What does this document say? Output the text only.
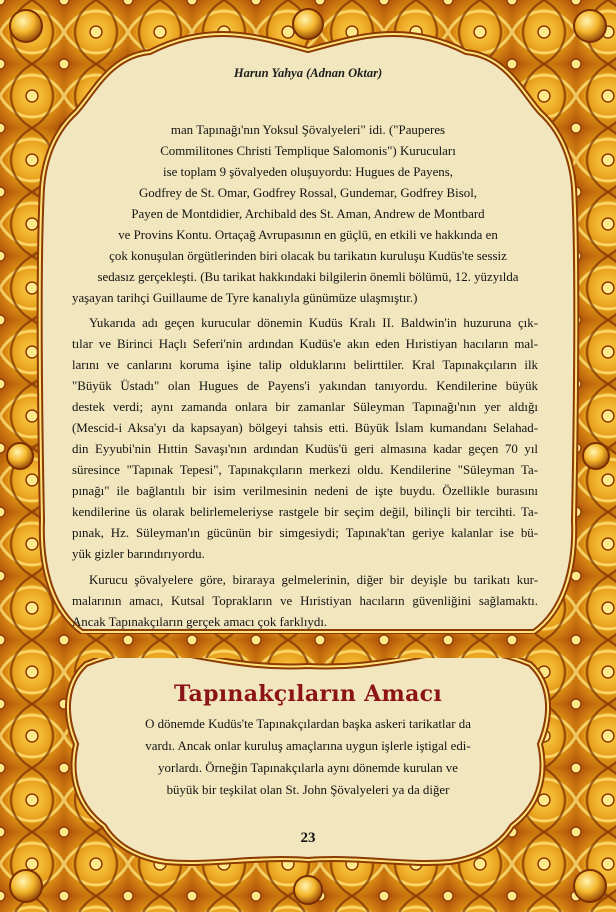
Harun Yahya (Adnan Oktar)
man Tapınağı'nın Yoksul Şövalyeleri" idi. ("Pauperes
Commilitones Christi Templique Salomonis") Kurucuları
ise toplam 9 şövalyeden oluşuyordu: Hugues de Payens,
Godfrey de St. Omar, Godfrey Rossal, Gundemar, Godfrey Bisol,
Payen de Montdidier, Archibald des St. Aman, Andrew de Montbard
ve Provins Kontu. Ortaçağ Avrupasının en güçlü, en etkili ve hakkında en
çok konuşulan örgütlerinden biri olacak bu tarikatın kuruluşu Kudüs'te sessiz
sedasız gerçekleşti. (Bu tarikat hakkındaki bilgilerin önemli bölümü, 12. yüzyılda
yaşayan tarihçi Guillaume de Tyre kanalıyla günümüze ulaşmıştır.)
Yukarıda adı geçen kurucular dönemin Kudüs Kralı II. Baldwin'in huzuruna çık-
tılar ve Birinci Haçlı Seferi'nin ardından Kudüs'e akın eden Hıristiyan hacıların mal-
larını ve canlarını koruma işine talip olduklarını belirttiler. Kral Tapınakçıların ilk
"Büyük Üstadı" olan Hugues de Payens'i yakından tanıyordu. Kendilerine büyük
destek verdi; aynı zamanda onlara bir zamanlar Süleyman Tapınağı'nın yer aldığı
(Mescid-i Aksa'yı da kapsayan) bölgeyi tahsis etti. Büyük İslam kumandanı Selahad-
din Eyyubi'nin Hıttin Savaşı'nın ardından Kudüs'ü geri almasına kadar geçen 70 yıl
süresince "Tapınak Tepesi", Tapınakçıların merkezi oldu. Kendilerine "Süleyman Ta-
pınağı" ile bağlantılı bir isim verilmesinin nedeni de işte buydu. Özellikle burasını
kendilerine üs olarak belirlemeleriyse rastgele bir seçim değil, bilinçli bir tercihti. Ta-
pınak, Hz. Süleyman'ın gücünün bir simgesiydi; Tapınak'tan geriye kalanlar ise bü-
yük gizler barındırıyordu.
Kurucu şövalyelere göre, biraraya gelmelerinin, diğer bir deyişle bu tarikatı kur-
malarının amacı, Kutsal Toprakların ve Hıristiyan hacıların güvenliğini sağlamaktı.
Ancak Tapınakçıların gerçek amacı çok farklıydı.
Tapınakçıların Amacı
O dönemde Kudüs'te Tapınakçılardan başka askeri tarikatlar da
vardı. Ancak onlar kuruluş amaçlarına uygun işlerle iştigal edi-
yorlardı. Örneğin Tapınakçılarla aynı dönemde kurulan ve
büyük bir teşkilat olan St. John Şövalyeleri ya da diğer
23
